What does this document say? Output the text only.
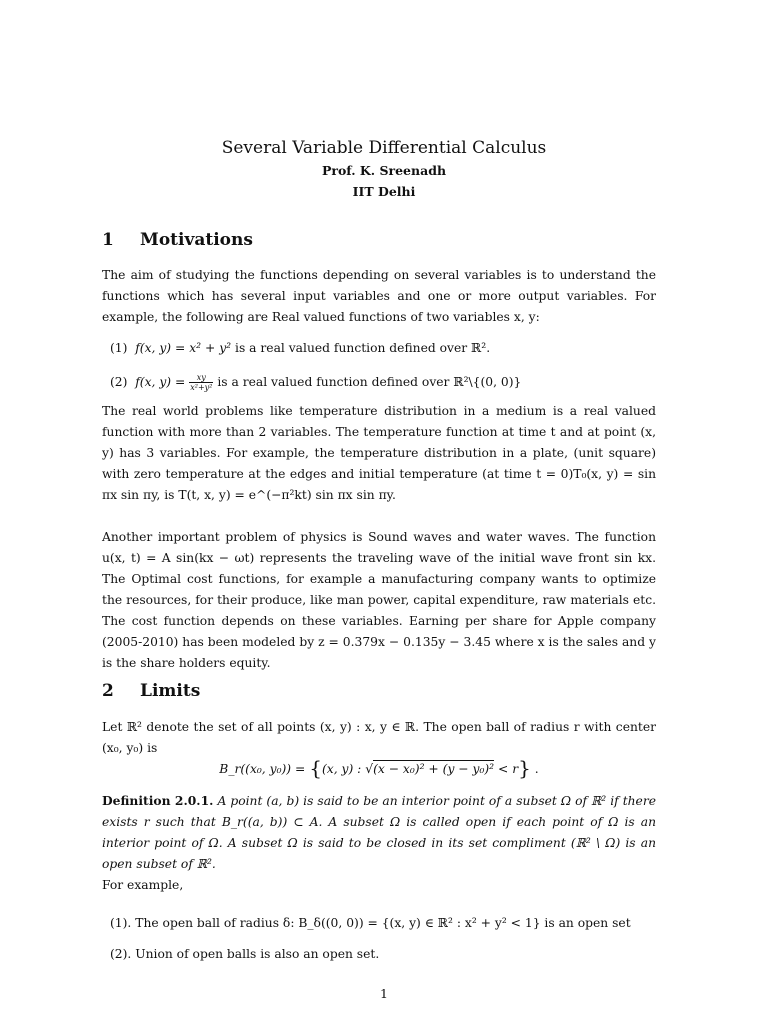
Several Variable Differential Calculus
Prof. K. Sreenadh
IIT Delhi
1 Motivations
The aim of studying the functions depending on several variables is to understand the functions which has several input variables and one or more output variables. For example, the following are Real valued functions of two variables x, y:
(1) f(x, y) = x² + y² is a real valued function defined over ℝ².
(2) f(x, $y) = \frac{xy}{\text{x²+y²}}$ is a real valued function defined over ℝ²\{(0, 0)}
The real world problems like temperature distribution in a medium is a real valued function with more than 2 variables. The temperature function at time t and at point (x, y) has 3 variables. For example, the temperature distribution in a plate, (unit square) with zero temperature at the edges and initial temperature (at time t = 0)T₀(x, y) = sin πx sin πy, is T(t, x, y) = e^(−π²kt) sin πx sin πy.
Another important problem of physics is Sound waves and water waves. The function u(x, t) = A sin(kx − ωt) represents the traveling wave of the initial wave front sin kx. The Optimal cost functions, for example a manufacturing company wants to optimize the resources, for their produce, like man power, capital expenditure, raw materials etc. The cost function depends on these variables. Earning per share for Apple company (2005-2010) has been modeled by z = 0.379x − 0.135y − 3.45 where x is the sales and y is the share holders equity.
2 Limits
Let ℝ² denote the set of all points (x, y) : x, y ∈ ℝ. The open ball of radius r with center (x₀, y₀) is
B_r((x₀, y₀)) = {(x, y) : √(x − x₀)² + (y − y₀)² < r} .
Definition 2.0.1. A point (a, b) is said to be an interior point of a subset Ω of ℝ² if there exists r such that B_r((a, b)) ⊂ A. A subset Ω is called open if each point of Ω is an interior point of Ω. A subset Ω is said to be closed in its set compliment (ℝ² \ Ω) is an open subset of ℝ².
For example,
(1). The open ball of radius δ: B_δ((0, 0)) = {(x, y) ∈ ℝ² : x² + y² < 1} is an open set
(2). Union of open balls is also an open set.
1
